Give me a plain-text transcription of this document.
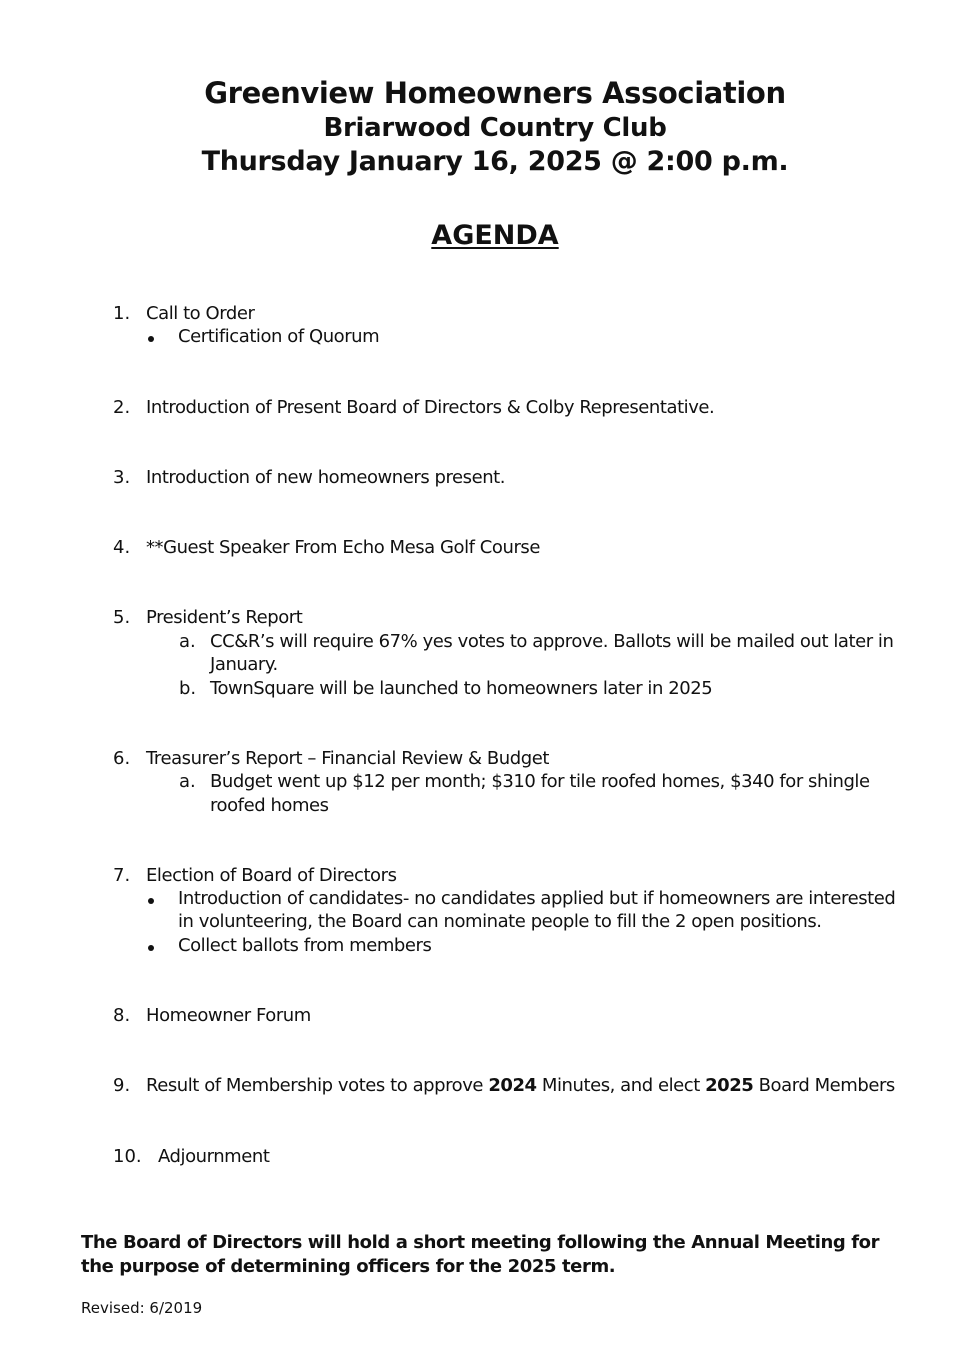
Greenview Homeowners Association
Briarwood Country Club
Thursday January 16, 2025 @ 2:00 p.m.
AGENDA
1. Call to Order
Certification of Quorum
2. Introduction of Present Board of Directors & Colby Representative.
3. Introduction of new homeowners present.
4. **Guest Speaker From Echo Mesa Golf Course
5. President’s Report
a. CC&R’s will require 67% yes votes to approve. Ballots will be mailed out later in
January.
b. TownSquare will be launched to homeowners later in 2025
6. Treasurer’s Report – Financial Review & Budget
a. Budget went up $12 per month; $310 for tile roofed homes, $340 for shingle
roofed homes
7. Election of Board of Directors
Introduction of candidates- no candidates applied but if homeowners are interested
in volunteering, the Board can nominate people to fill the 2 open positions.
Collect ballots from members
8. Homeowner Forum
9. Result of Membership votes to approve 2024 Minutes, and elect 2025 Board Members
10. Adjournment
The Board of Directors will hold a short meeting following the Annual Meeting for the purpose of determining officers for the 2025 term.
Revised: 6/2019
